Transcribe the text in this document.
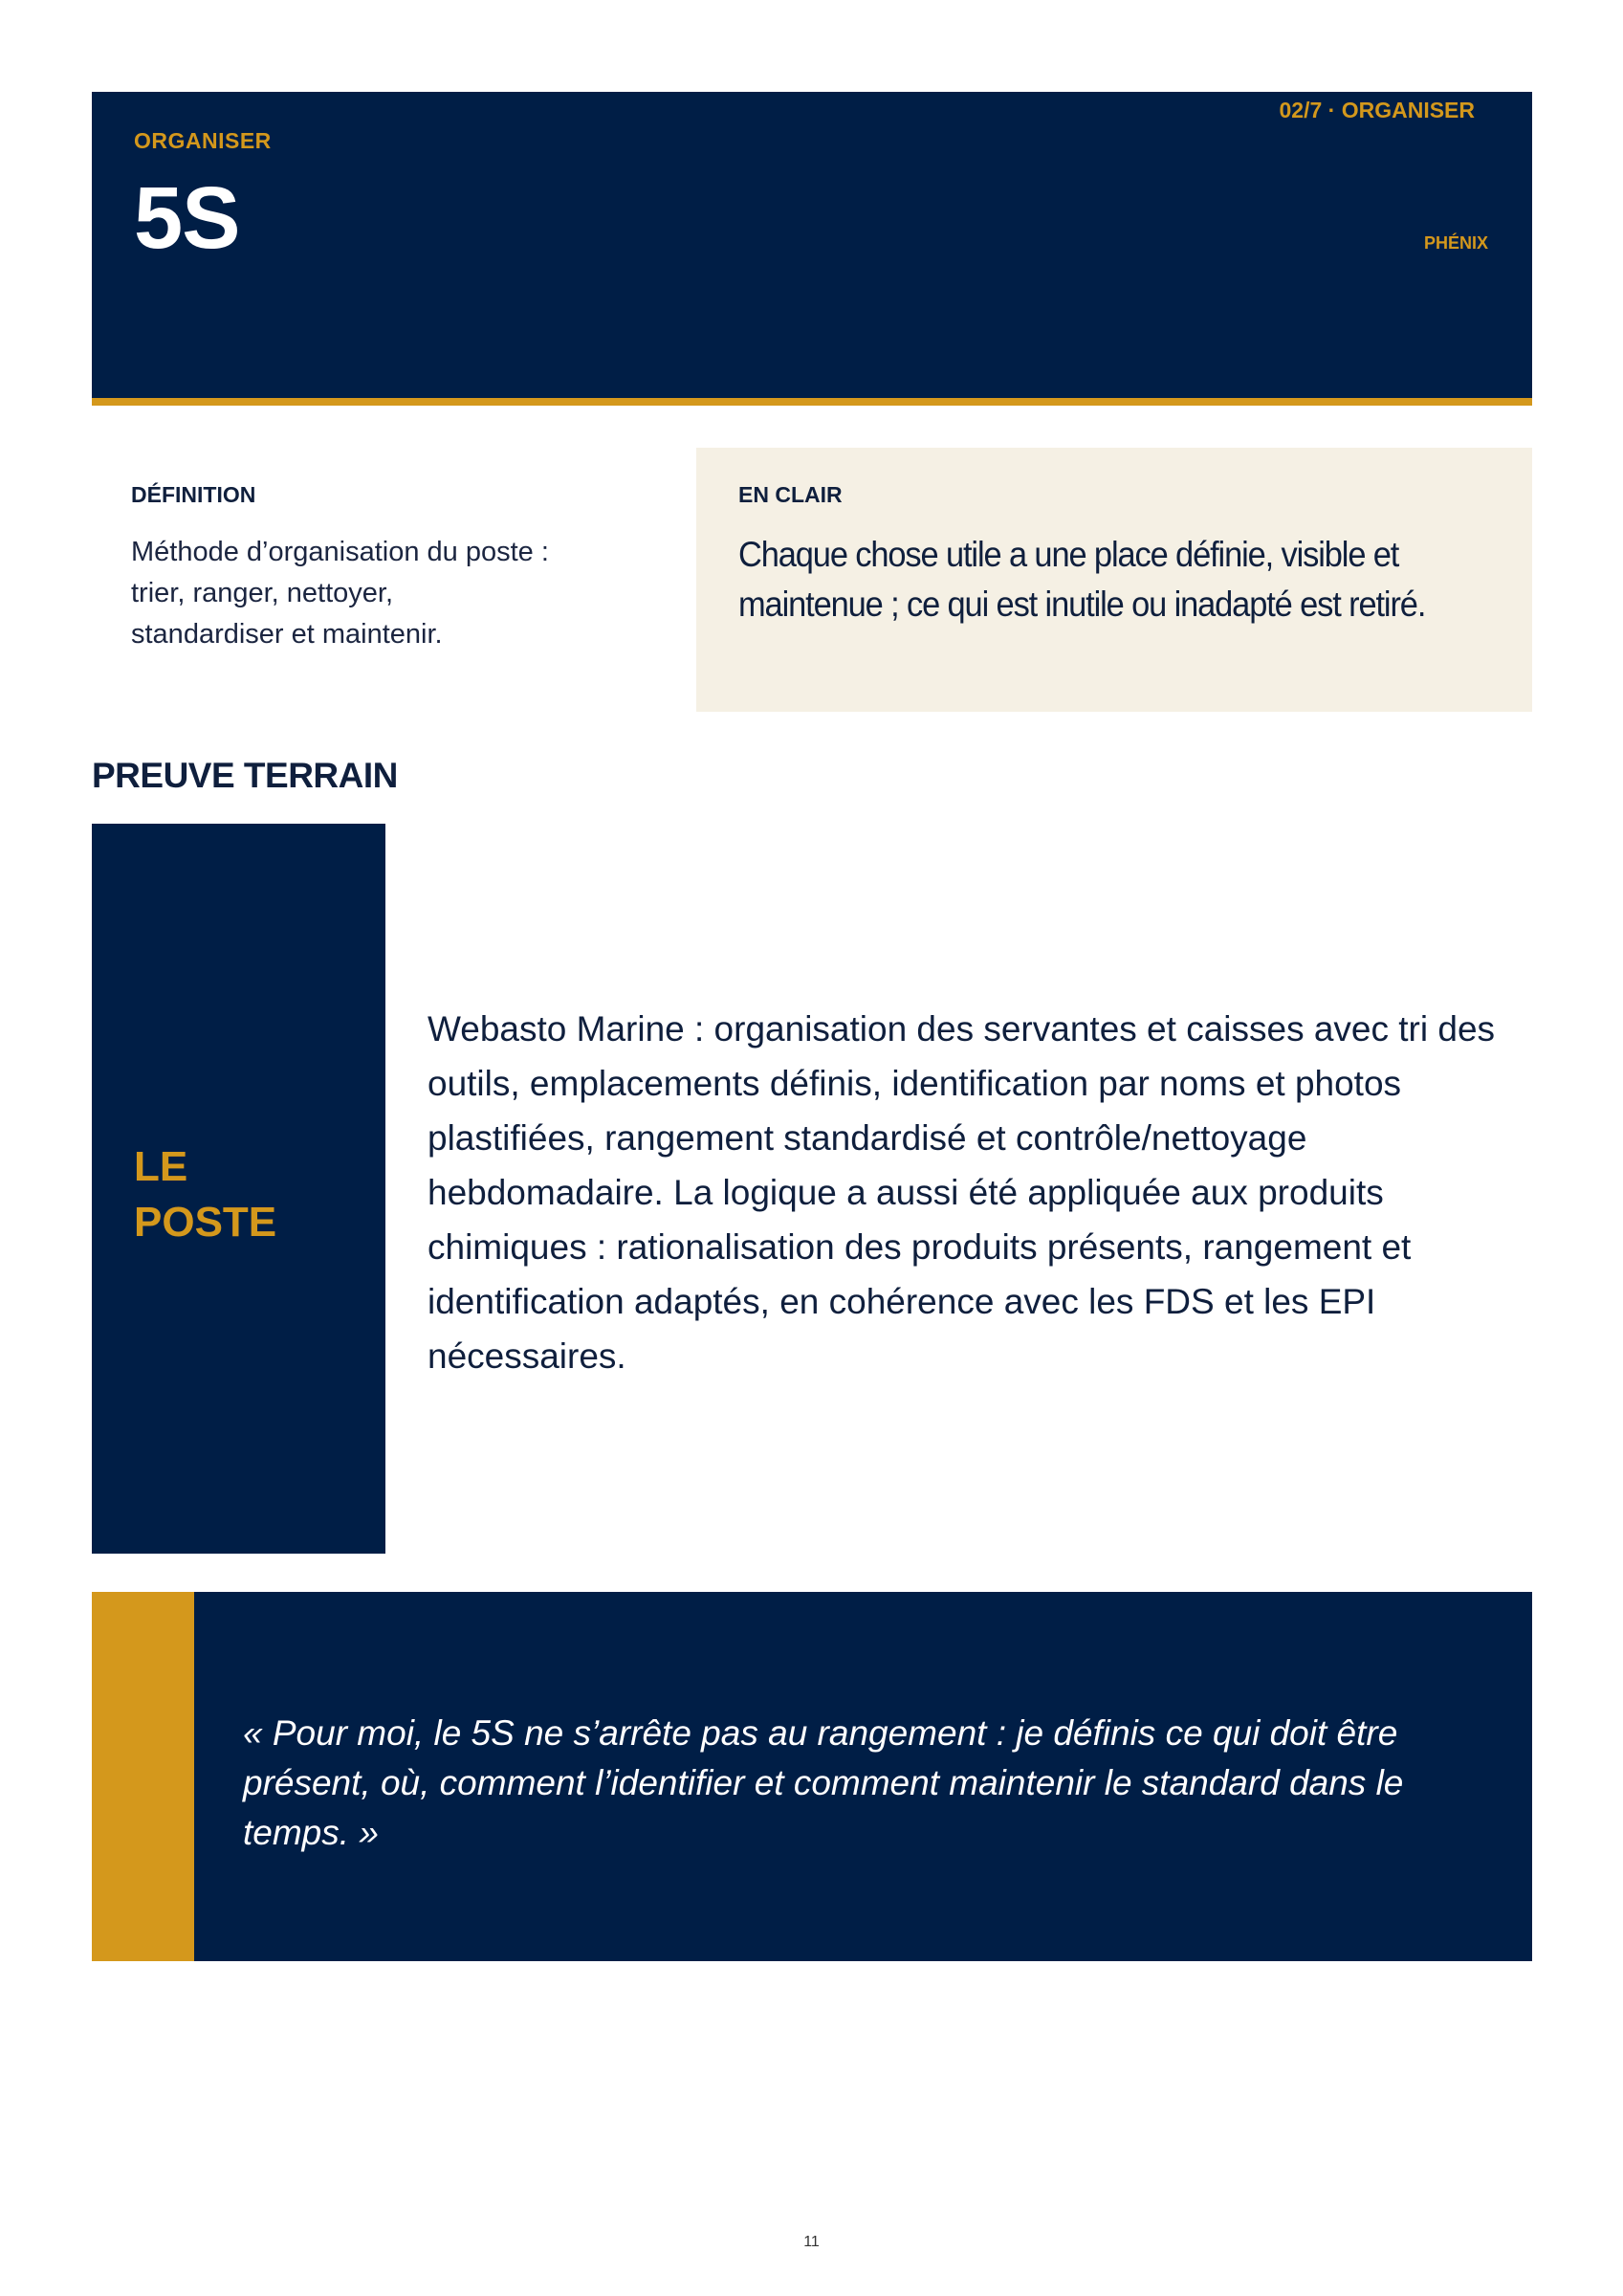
ORGANISER
5S
02/7 · ORGANISER
PHÉNIX
DÉFINITION
Méthode d’organisation du poste : trier, ranger, nettoyer, standardiser et maintenir.
EN CLAIR
Chaque chose utile a une place définie, visible et maintenue ; ce qui est inutile ou inadapté est retiré.
PREUVE TERRAIN
LE
POSTE
Webasto Marine : organisation des servantes et caisses avec tri des outils, emplacements définis, identification par noms et photos plastifiées, rangement standardisé et contrôle/nettoyage hebdomadaire. La logique a aussi été appliquée aux produits chimiques : rationalisation des produits présents, rangement et identification adaptés, en cohérence avec les FDS et les EPI nécessaires.
« Pour moi, le 5S ne s’arrête pas au rangement : je définis ce qui doit être présent, où, comment l’identifier et comment maintenir le standard dans le temps. »
11
